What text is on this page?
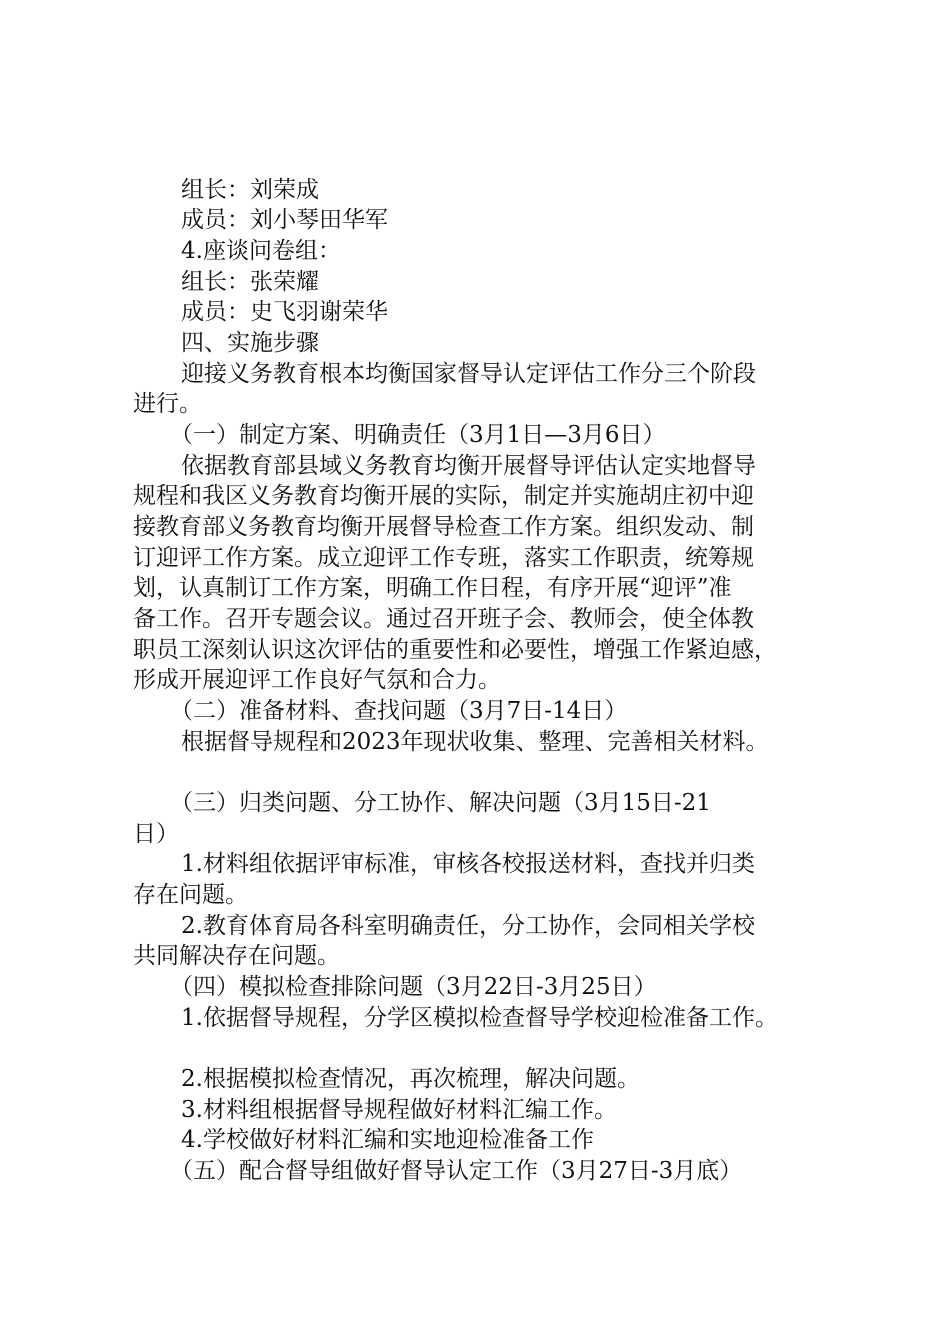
组长：刘荣成

成员：刘小琴田华军

4.座谈问卷组：

组长：张荣耀

成员：史飞羽谢荣华

四、实施步骤

迎接义务教育根本均衡国家督导认定评估工作分三个阶段

进行。

（一）制定方案、明确责任（3月1日—3月6日）

依据教育部县域义务教育均衡开展督导评估认定实地督导

规程和我区义务教育均衡开展的实际，制定并实施胡庄初中迎

接教育部义务教育均衡开展督导检查工作方案。组织发动、制

订迎评工作方案。成立迎评工作专班，落实工作职责，统筹规

划，认真制订工作方案，明确工作日程，有序开展“迎评”准

备工作。召开专题会议。通过召开班子会、教师会，使全体教

职员工深刻认识这次评估的重要性和必要性，增强工作紧迫感，

形成开展迎评工作良好气氛和合力。

（二）准备材料、查找问题（3月7日-14日）

根据督导规程和2023年现状收集、整理、完善相关材料。

（三）归类问题、分工协作、解决问题（3月15日-21

日）

1.材料组依据评审标准，审核各校报送材料，查找并归类

存在问题。

2.教育体育局各科室明确责任，分工协作，会同相关学校

共同解决存在问题。

（四）模拟检查排除问题（3月22日-3月25日）

1.依据督导规程，分学区模拟检查督导学校迎检准备工作。

2.根据模拟检查情况，再次梳理，解决问题。

3.材料组根据督导规程做好材料汇编工作。

4.学校做好材料汇编和实地迎检准备工作

（五）配合督导组做好督导认定工作（3月27日-3月底）
